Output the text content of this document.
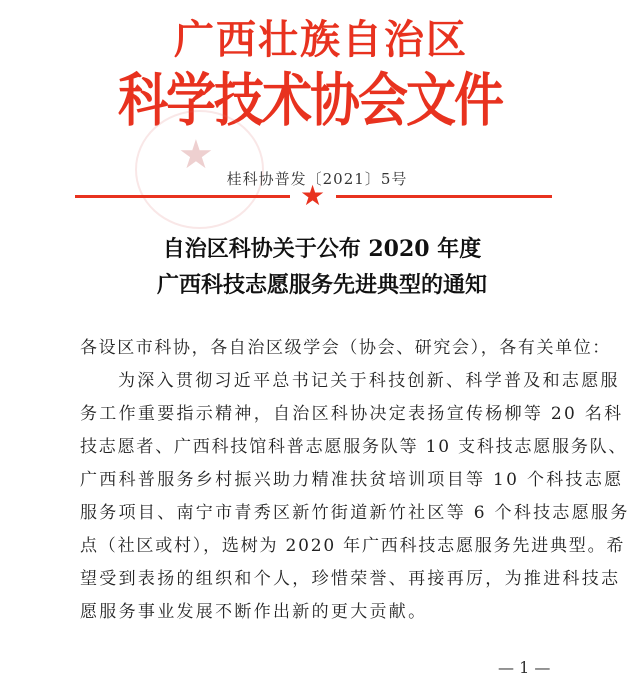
广西壮族自治区
科学技术协会文件
★
桂科协普发〔2021〕5号
★
自治区科协关于公布 2020 年度
广西科技志愿服务先进典型的通知
各设区市科协，各自治区级学会（协会、研究会），各有关单位：
为深入贯彻习近平总书记关于科技创新、科学普及和志愿服
务工作重要指示精神，自治区科协决定表扬宣传杨柳等 20 名科
技志愿者、广西科技馆科普志愿服务队等 10 支科技志愿服务队、
广西科普服务乡村振兴助力精准扶贫培训项目等 10 个科技志愿
服务项目、南宁市青秀区新竹街道新竹社区等 6 个科技志愿服务
点（社区或村），选树为 2020 年广西科技志愿服务先进典型。希
望受到表扬的组织和个人，珍惜荣誉、再接再厉，为推进科技志
愿服务事业发展不断作出新的更大贡献。
— 1 —
